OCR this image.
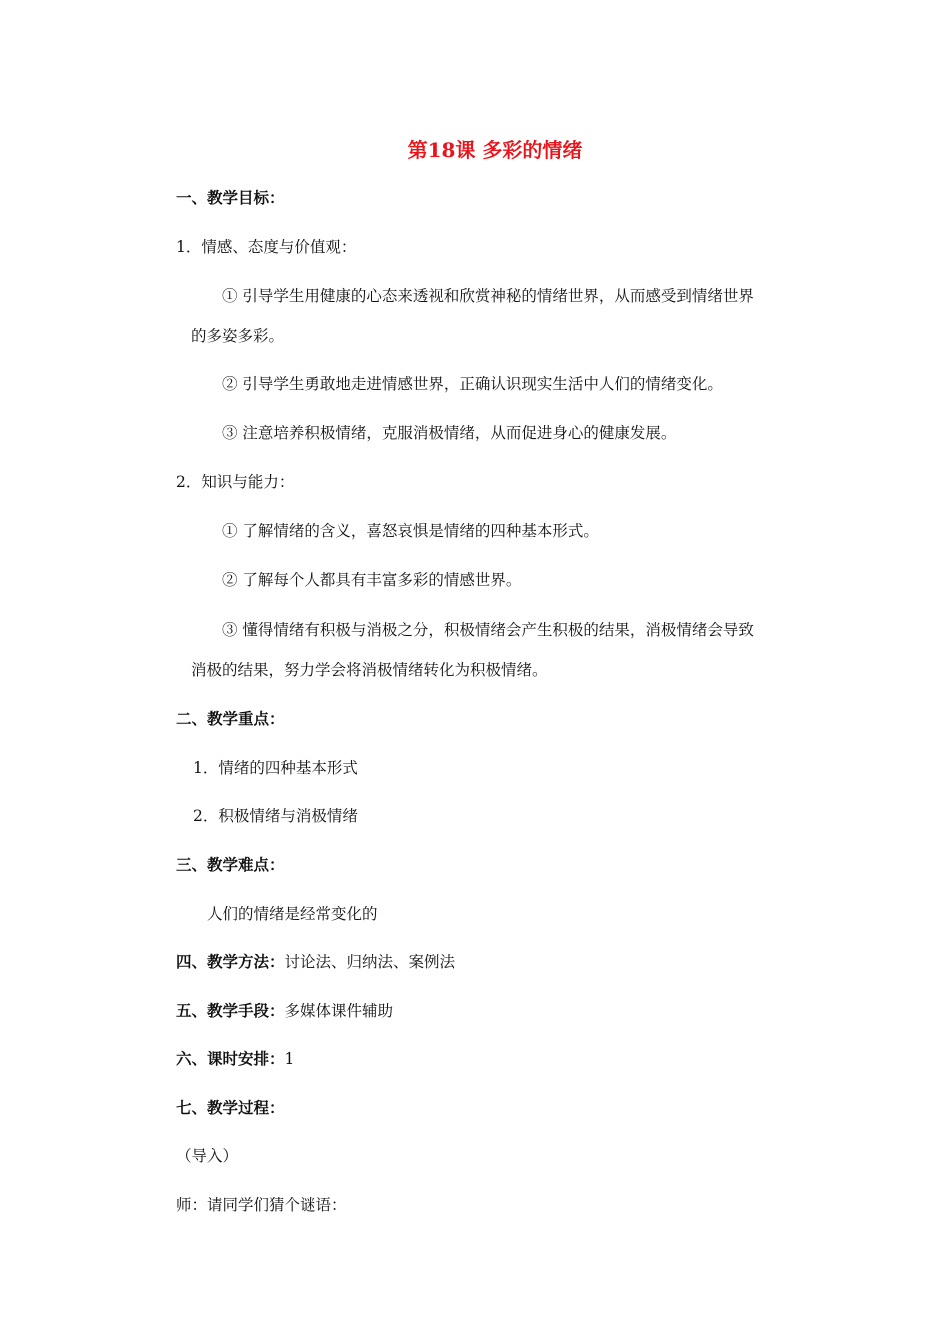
第18课 多彩的情绪
一、教学目标：
1．情感、态度与价值观：
① 引导学生用健康的心态来透视和欣赏神秘的情绪世界，从而感受到情绪世界
的多姿多彩。
② 引导学生勇敢地走进情感世界，正确认识现实生活中人们的情绪变化。
③ 注意培养积极情绪，克服消极情绪，从而促进身心的健康发展。
2．知识与能力：
① 了解情绪的含义，喜怒哀惧是情绪的四种基本形式。
② 了解每个人都具有丰富多彩的情感世界。
③ 懂得情绪有积极与消极之分，积极情绪会产生积极的结果，消极情绪会导致
消极的结果，努力学会将消极情绪转化为积极情绪。
二、教学重点：
1．情绪的四种基本形式
2．积极情绪与消极情绪
三、教学难点：
人们的情绪是经常变化的
四、教学方法：讨论法、归纳法、案例法
五、教学手段：多媒体课件辅助
六、课时安排：1
七、教学过程：
（导入）
师：请同学们猜个谜语：
